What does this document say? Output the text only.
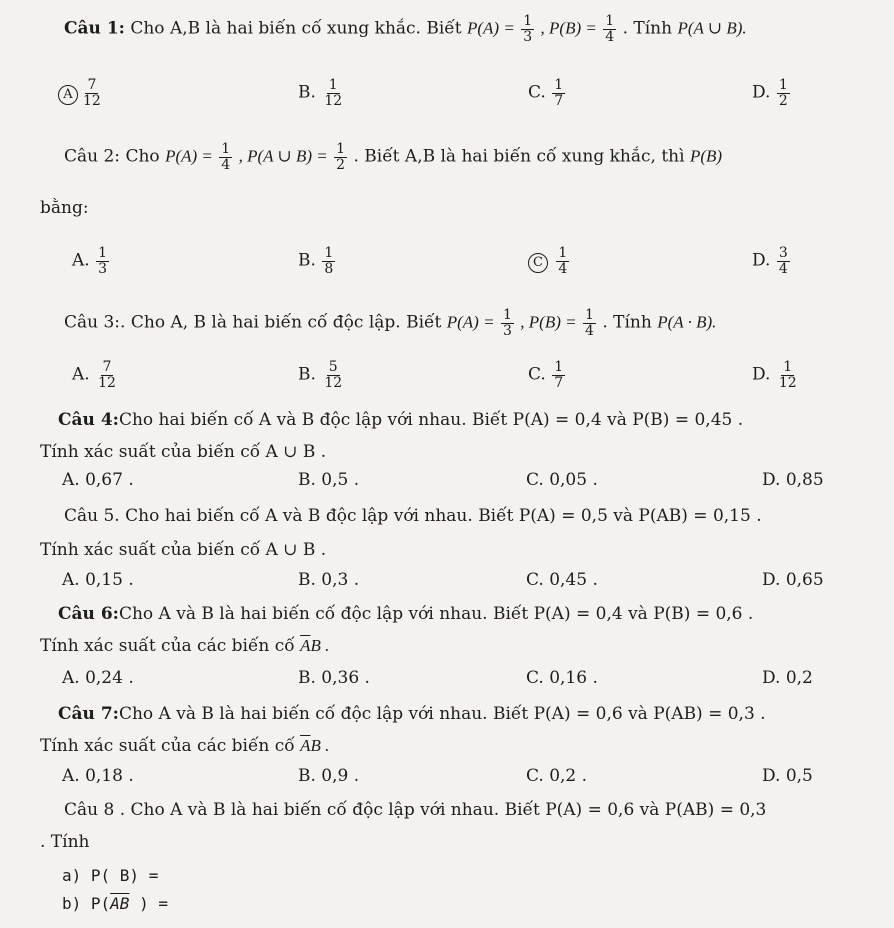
Câu 1: Cho A,B là hai biến cố xung khắc. Biết $P(A) = \frac{1}{3}$ , $P(B) = \frac{1}{4}$ . Tính P(A ∪ B).
A $\frac{7}{12}$	B. $\frac{1}{12}$	C. $\frac{1}{7}$	D. $\frac{1}{2}$
Câu 2: Cho $P(A) = \frac{1}{4}$ , P(A ∪ $B) = \frac{1}{2}$ . Biết A,B là hai biến cố xung khắc, thì P(B)
bằng:
A. $\frac{1}{3}$	B. $\frac{1}{8}$	C $\frac{1}{4}$	D. $\frac{3}{4}$
Câu 3:. Cho A, B là hai biến cố độc lập. Biết $P(A) = \frac{1}{3}$ , $P(B) = \frac{1}{4}$ . Tính P(A · B).
A. $\frac{7}{12}$	B. $\frac{5}{12}$	C. $\frac{1}{7}$	D. $\frac{1}{12}$
Câu 4:Cho hai biến cố A và B độc lập với nhau. Biết P(A) = 0,4 và P(B) = 0,45 .
Tính xác suất của biến cố A ∪ B .
A. 0,67 .	B. 0,5 .	C. 0,05 .	D. 0,85
Câu 5. Cho hai biến cố A và B độc lập với nhau. Biết P(A) = 0,5 và P(AB) = 0,15 .
Tính xác suất của biến cố A ∪ B .
A. 0,15 .	B. 0,3 .	C. 0,45 .	D. 0,65
Câu 6:Cho A và B là hai biến cố độc lập với nhau. Biết P(A) = 0,4 và P(B) = 0,6 .
Tính xác suất của các biến cố $\overline{A}B$ .
A. 0,24 .	B. 0,36 .	C. 0,16 .	D. 0,2
Câu 7:Cho A và B là hai biến cố độc lập với nhau. Biết P(A) = 0,6 và P(AB) = 0,3 .
Tính xác suất của các biến cố $\overline{A}B$ .
A. 0,18 .	B. 0,9 .	C. 0,2 .	D. 0,5
Câu 8 . Cho A và B là hai biến cố độc lập với nhau. Biết P(A) = 0,6 và P(AB) = 0,3
. Tính
a) P( B) =
b) $P(\overline{AB}$ ) =
